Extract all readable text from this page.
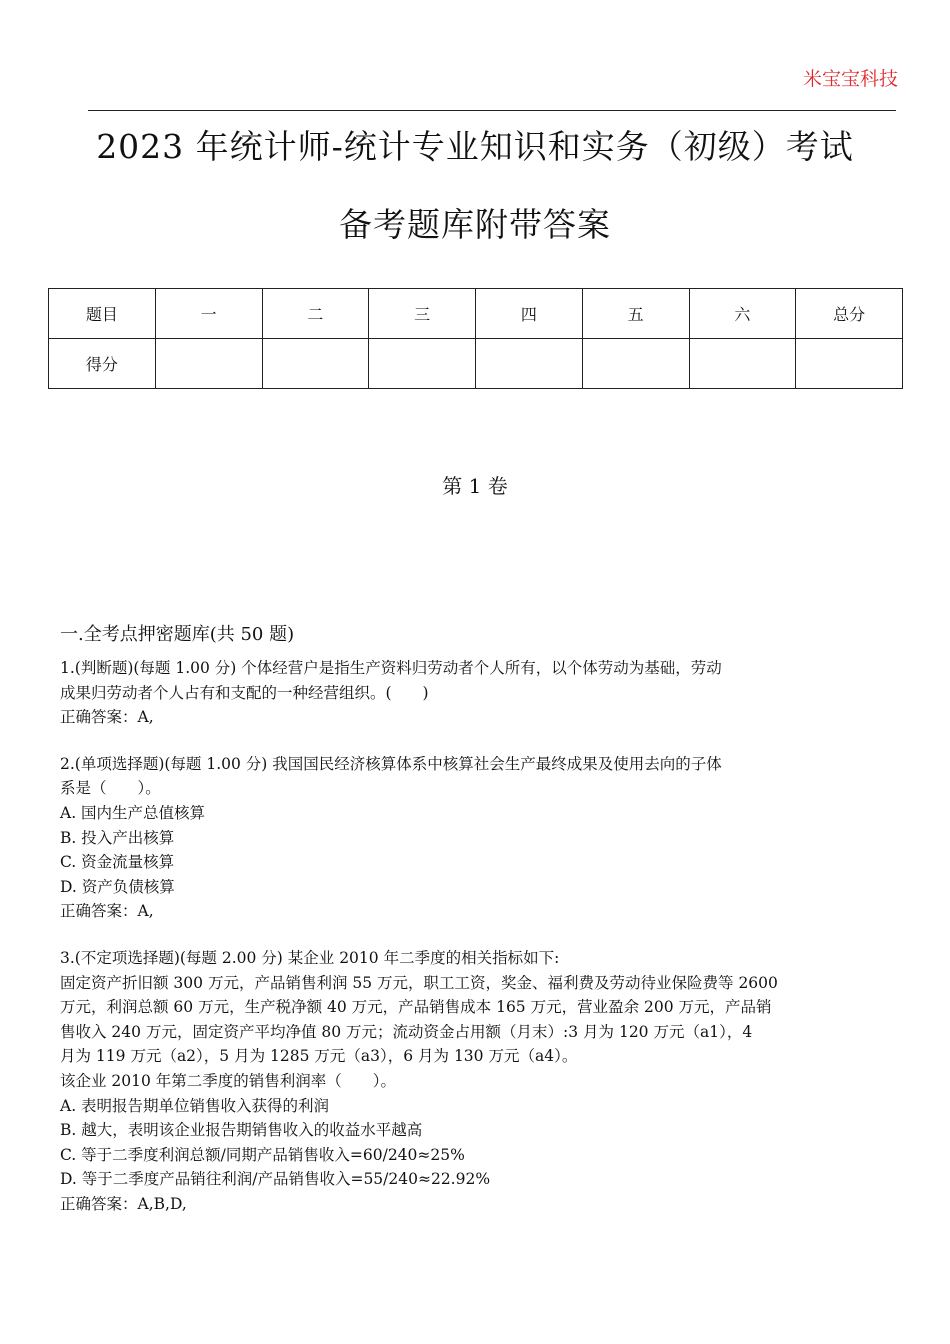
米宝宝科技
2023 年统计师-统计专业知识和实务（初级）考试
备考题库附带答案
题目	一	二	三	四	五	六	总分
得分							
第 1 卷
一.全考点押密题库(共 50 题)

1.(判断题)(每题 1.00 分) 个体经营户是指生产资料归劳动者个人所有，以个体劳动为基础，劳动

成果归劳动者个人占有和支配的一种经营组织。(　　)

正确答案：A,

2.(单项选择题)(每题 1.00 分) 我国国民经济核算体系中核算社会生产最终成果及使用去向的子体

系是（　　）。

A. 国内生产总值核算

B. 投入产出核算

C. 资金流量核算

D. 资产负债核算

正确答案：A,

3.(不定项选择题)(每题 2.00 分) 某企业 2010 年二季度的相关指标如下:

固定资产折旧额 300 万元，产品销售利润 55 万元，职工工资，奖金、福利费及劳动待业保险费等 2600

万元，利润总额 60 万元，生产税净额 40 万元，产品销售成本 165 万元，营业盈余 200 万元，产品销

售收入 240 万元，固定资产平均净值 80 万元；流动资金占用额（月末）:3 月为 120 万元（a1），4

月为 119 万元（a2），5 月为 1285 万元（a3），6 月为 130 万元（a4）。

该企业 2010 年第二季度的销售利润率（　　）。

A. 表明报告期单位销售收入获得的利润

B. 越大，表明该企业报告期销售收入的收益水平越高

C. 等于二季度利润总额/同期产品销售收入=60/240≈25%

D. 等于二季度产品销往利润/产品销售收入=55/240≈22.92%

正确答案：A,B,D,
